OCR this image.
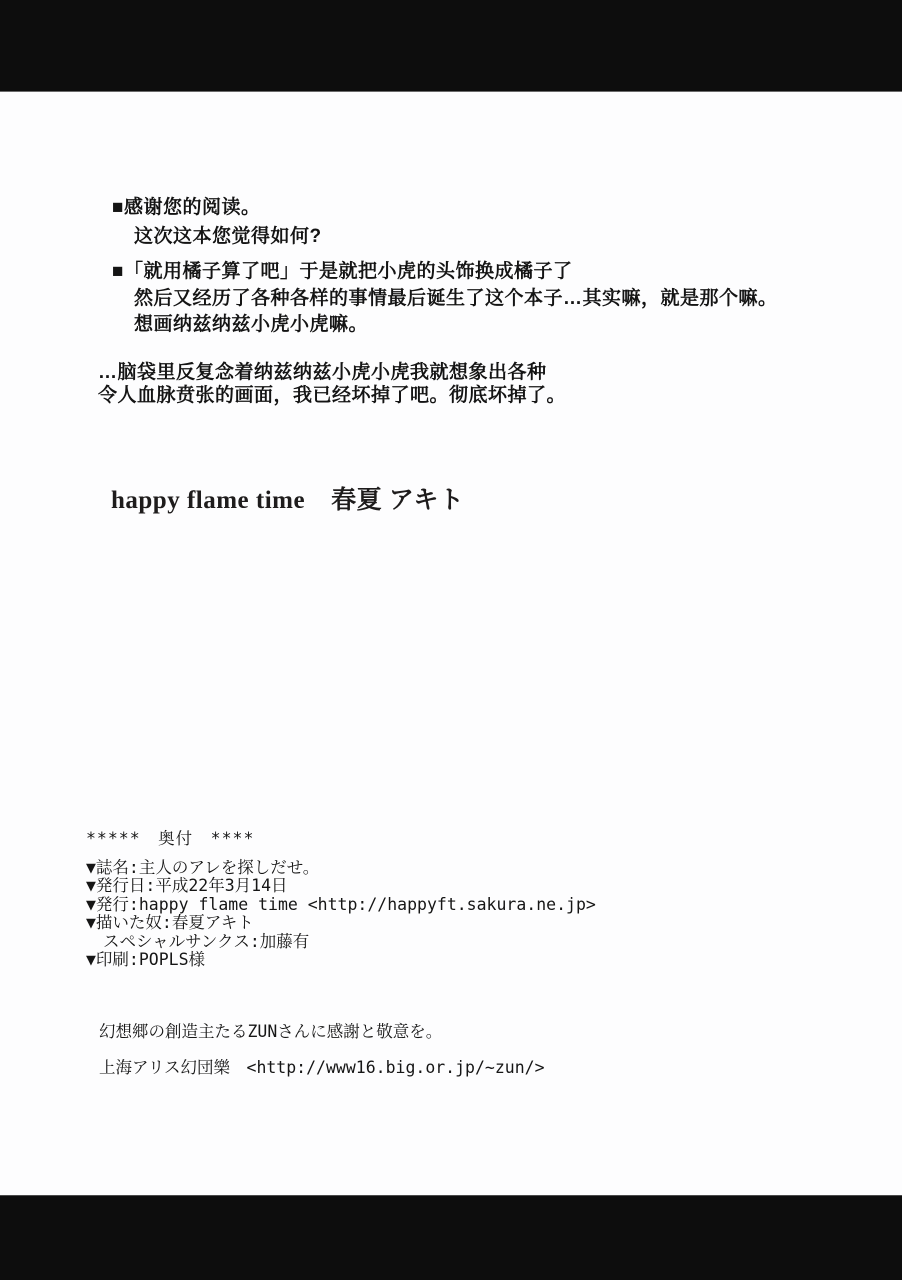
■感谢您的阅读。
这次这本您觉得如何?
■「就用橘子算了吧」于是就把小虎的头饰换成橘子了
然后又经历了各种各样的事情最后诞生了这个本子…其实嘛，就是那个嘛。
想画纳兹纳兹小虎小虎嘛。
…脑袋里反复念着纳兹纳兹小虎小虎我就想象出各种
令人血脉贲张的画面，我已经坏掉了吧。彻底坏掉了。
happy flame time 春夏 アキト
*****　奥付　****
▼誌名:主人のアレを探しだせ。
▼発行日:平成22年3月14日
▼発行:happy flame time <http://happyft.sakura.ne.jp>
▼描いた奴:春夏アキト
スペシャルサンクス:加藤有
▼印刷:POPLS様
幻想郷の創造主たるZUNさんに感謝と敬意を。
上海アリス幻団樂　<http://www16.big.or.jp/~zun/>
